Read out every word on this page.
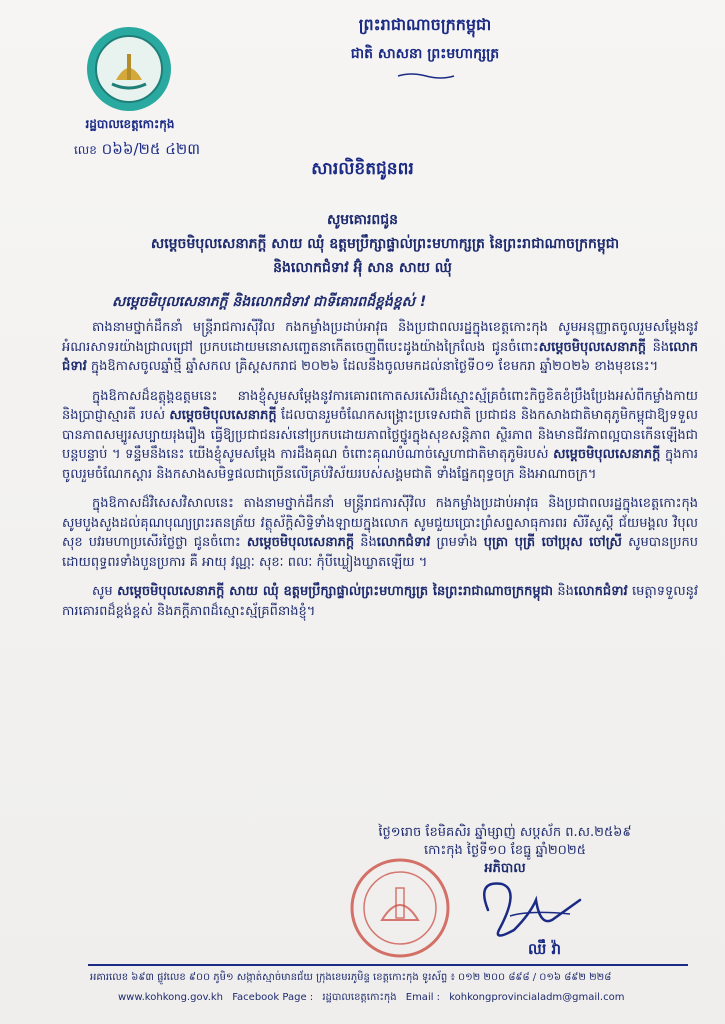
រដ្ឋបាលខេត្តកោះកុង
លេខ ០៦៦/២៥ ៤២៣
ព្រះរាជាណាចក្រកម្ពុជា
ជាតិ សាសនា ព្រះមហាក្សត្រ
សារលិខិតជូនពរ
សូមគោរពជូន
សម្តេចមិបុលសេនាភក្តី សាយ ឈុំ ឧត្តមប្រឹក្សាផ្ទាល់ព្រះមហាក្សត្រ នៃព្រះរាជាណាចក្រកម្ពុជា
និងលោកជំទាវ អ៊ុំ សាន សាយ ឈុំ
សម្តេចមិបុលសេនាភក្តី និងលោកជំទាវ ជាទីគោរពដ៏ខ្ពង់ខ្ពស់ !

តាងនាមថ្នាក់ដឹកនាំ មន្ត្រីរាជការស៊ីវិល កងកម្លាំងប្រដាប់អាវុធ និងប្រជាពលរដ្ឋក្នុងខេត្តកោះកុង សូមអនុញ្ញាតចូលរួមសម្តែងនូវអំណរសាទរយ៉ាងជ្រាលជ្រៅ ប្រកបដោយមនោសញ្ចេតនាកើតចេញពីបេះដូងយ៉ាងក្រៃលែង ជូនចំពោះសម្តេចមិបុលសេនាភក្តី និងលោកជំទាវ ក្នុងឱកាសចូលឆ្នាំថ្មី ឆ្នាំសកល គ្រិស្តសករាជ ២០២៦ ដែលនឹងចូលមកដល់នាថ្ងៃទី០១ ខែមករា ឆ្នាំ២០២៦ ខាងមុខនេះ។

ក្នុងឱកាសដ៏ឧត្តុង្គឧត្តមនេះ នាងខ្ញុំសូមសម្តែងនូវការគោរពកោតសរសើរដ៏ស្មោះស្ម័គ្រចំពោះកិច្ចខិតខំប្រឹងប្រែងអស់ពីកម្លាំងកាយ និងប្រាជ្ញាស្មារតី របស់ សម្តេចមិបុលសេនាភក្តី ដែលបានរួមចំណែកសង្គ្រោះប្រទេសជាតិ ប្រជាជន និងកសាងជាតិមាតុភូមិកម្ពុជាឱ្យទទួលបានភាពសម្បូរសប្បាយរុងរឿង ធ្វើឱ្យប្រជាជនរស់នៅប្រកបដោយភាពថ្លៃថ្នូរក្នុងសុខសន្តិភាព ស្ថិរភាព និងមានជីវភាពល្អបានកើនឡើងជាបន្តបន្ទាប់ ។ ទន្ទឹមនឹងនេះ យើងខ្ញុំសូមសម្តែង ការដឹងគុណ ចំពោះគុណបំណាច់ស្នេហាជាតិមាតុភូមិរបស់ សម្តេចមិបុលសេនាភក្តី ក្នុងការចូលរួមចំណែកស្តារ និងកសាងសមិទ្ធផលជាច្រើនលើគ្រប់វិស័យរបស់សង្គមជាតិ ទាំងផ្នែកពុទ្ធចក្រ និងអាណាចក្រ។

ក្នុងឱកាសដ៏វិសេសវិសាលនេះ តាងនាមថ្នាក់ដឹកនាំ មន្ត្រីរាជការស៊ីវិល កងកម្លាំងប្រដាប់អាវុធ និងប្រជាពលរដ្ឋក្នុងខេត្តកោះកុង សូមបួងសួងដល់គុណបុណ្យព្រះរតនត្រ័យ វត្ថុស័ក្តិសិទ្ធិទាំងឡាយក្នុងលោក សូមជួយប្រោះព្រំសព្ទសាធុការពរ សិរីសួស្តី ជ័យមង្គល វិបុលសុខ បវរមហាប្រសើរថ្លៃថ្លា ជូនចំពោះ សម្តេចមិបុលសេនាភក្តី និងលោកជំទាវ ព្រមទាំង បុត្រា បុត្រី ចៅប្រុស ចៅស្រី សូមបានប្រកបដោយពុទ្ធពរទាំងបួនប្រការ គឺ អាយុ វណ្ណៈ សុខៈ ពលៈ កុំបីឃ្លៀងឃ្លាតឡើយ ។

សូម សម្តេចមិបុលសេនាភក្តី សាយ ឈុំ ឧត្តមប្រឹក្សាផ្ទាល់ព្រះមហាក្សត្រ នៃព្រះរាជាណាចក្រកម្ពុជា និងលោកជំទាវ មេត្តាទទួលនូវការគោរពដ៏ខ្ពង់ខ្ពស់ និងភក្តីភាពដ៏ស្មោះស្ម័គ្រពីនាងខ្ញុំ។

ថ្ងៃ១រោច ខែមិគសិរ ឆ្នាំម្សាញ់ សប្តស័ក ព.ស.២៥៦៩
កោះកុង ថ្ងៃទី១០ ខែធ្នូ ឆ្នាំ២០២៥
អភិបាល
ឈឹ វ៉ា
អគារលេខ ៦៩៣ ផ្លូវលេខ ៩០០ ភូមិ១ សង្កាត់ស្មាច់មានជ័យ ក្រុងខេមរភូមិន្ទ ខេត្តកោះកុង ទូរស័ព្ទ ៖ ០១២ ២០០ ៨៩៨ / ០១៦ ៨៩២ ២២៨
www.kohkong.gov.kh Facebook Page : រដ្ឋបាលខេត្តកោះកុង Email : kohkongprovincialadm@gmail.com
